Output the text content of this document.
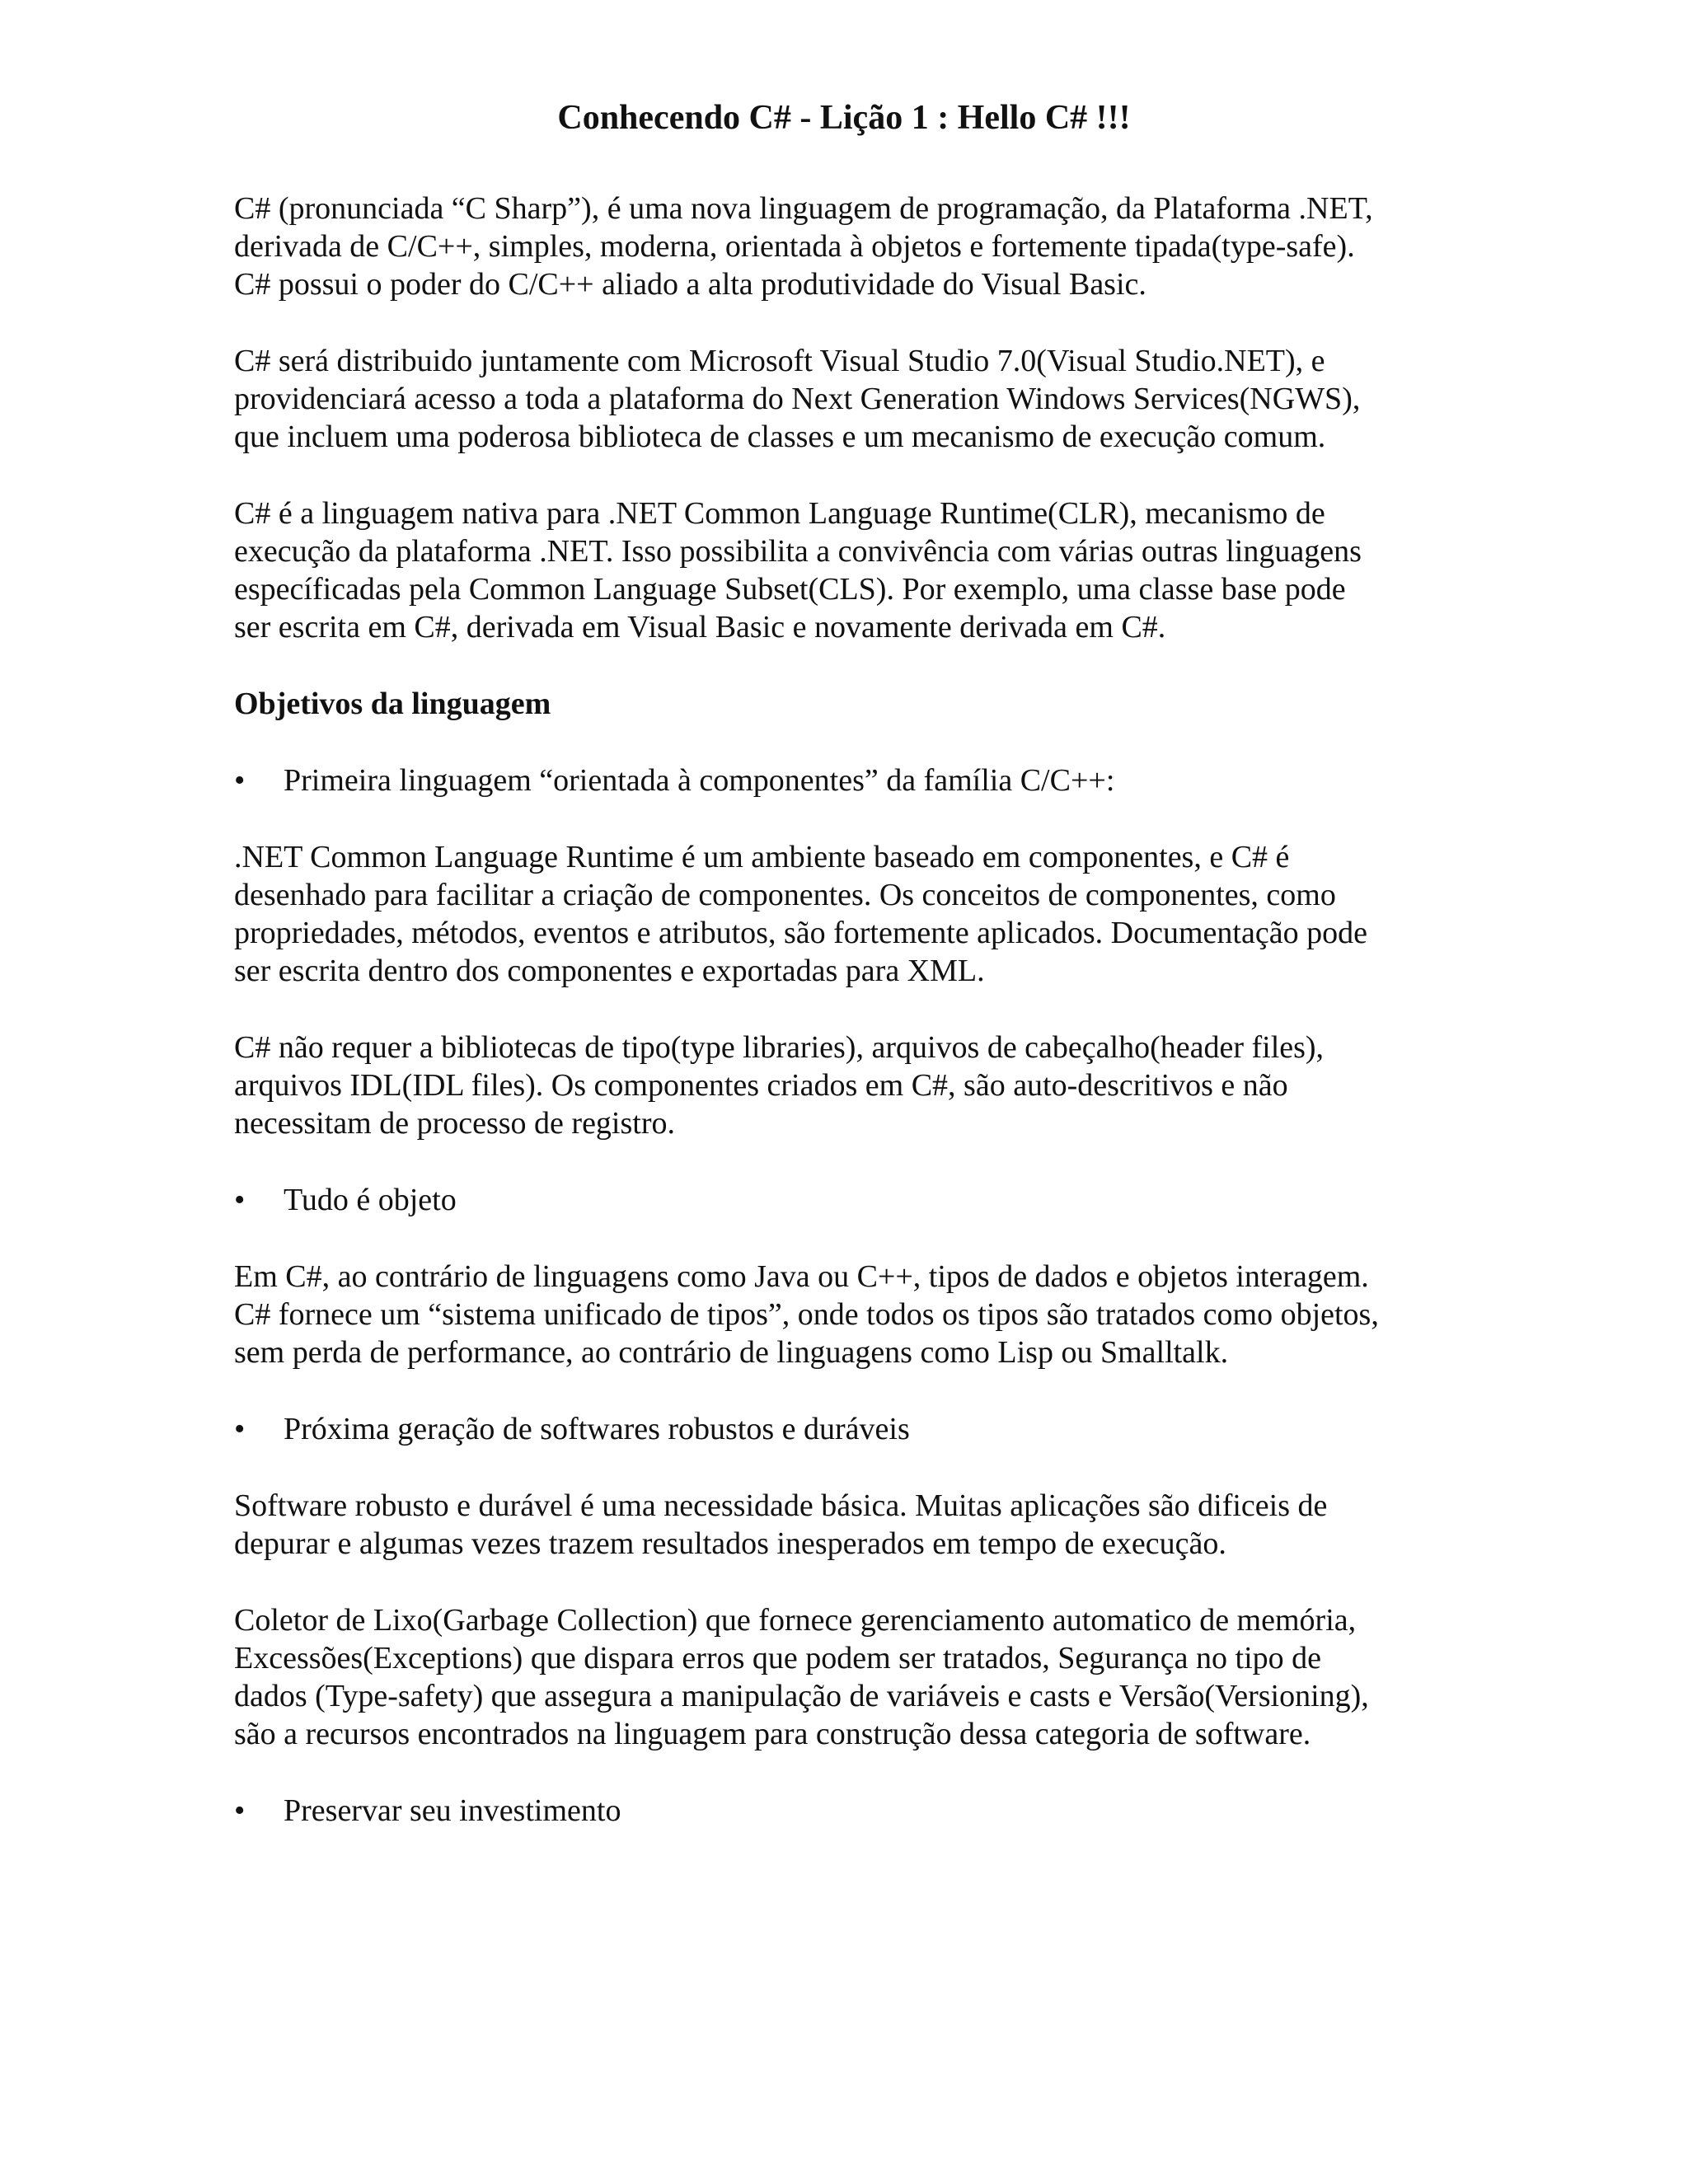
Conhecendo C# - Lição 1 : Hello C# !!!

C# (pronunciada “C Sharp”), é uma nova linguagem de programação, da Plataforma .NET,
derivada de C/C++, simples, moderna, orientada à objetos e fortemente tipada(type-safe).
C# possui o poder do C/C++ aliado a alta produtividade do Visual Basic.

C# será distribuido juntamente com Microsoft Visual Studio 7.0(Visual Studio.NET), e
providenciará acesso a toda a plataforma do Next Generation Windows Services(NGWS),
que incluem uma poderosa biblioteca de classes e um mecanismo de execução comum.

C# é a linguagem nativa para .NET Common Language Runtime(CLR), mecanismo de
execução da plataforma .NET. Isso possibilita a convivência com várias outras linguagens
específicadas pela Common Language Subset(CLS). Por exemplo, uma classe base pode
ser escrita em C#, derivada em Visual Basic e novamente derivada em C#.

Objetivos da linguagem

•	Primeira linguagem “orientada à componentes” da família C/C++:

.NET Common Language Runtime é um ambiente baseado em componentes, e C# é
desenhado para facilitar a criação de componentes. Os conceitos de componentes, como
propriedades, métodos, eventos e atributos, são fortemente aplicados. Documentação pode
ser escrita dentro dos componentes e exportadas para XML.

C# não requer a bibliotecas de tipo(type libraries), arquivos de cabeçalho(header files),
arquivos IDL(IDL files). Os componentes criados em C#, são auto-descritivos e não
necessitam de processo de registro.

•	Tudo é objeto

Em C#, ao contrário de linguagens como Java ou C++, tipos de dados e objetos interagem.
C# fornece um “sistema unificado de tipos”, onde todos os tipos são tratados como objetos,
sem perda de performance, ao contrário de linguagens como Lisp ou Smalltalk.

•	Próxima geração de softwares robustos e duráveis

Software robusto e durável é uma necessidade básica. Muitas aplicações são dificeis de
depurar e algumas vezes trazem resultados inesperados em tempo de execução.

Coletor de Lixo(Garbage Collection) que fornece gerenciamento automatico de memória,
Excessões(Exceptions) que dispara erros que podem ser tratados, Segurança no tipo de
dados (Type-safety) que assegura a manipulação de variáveis e casts e Versão(Versioning),
são a recursos encontrados na linguagem para construção dessa categoria de software.

•	Preservar seu investimento
